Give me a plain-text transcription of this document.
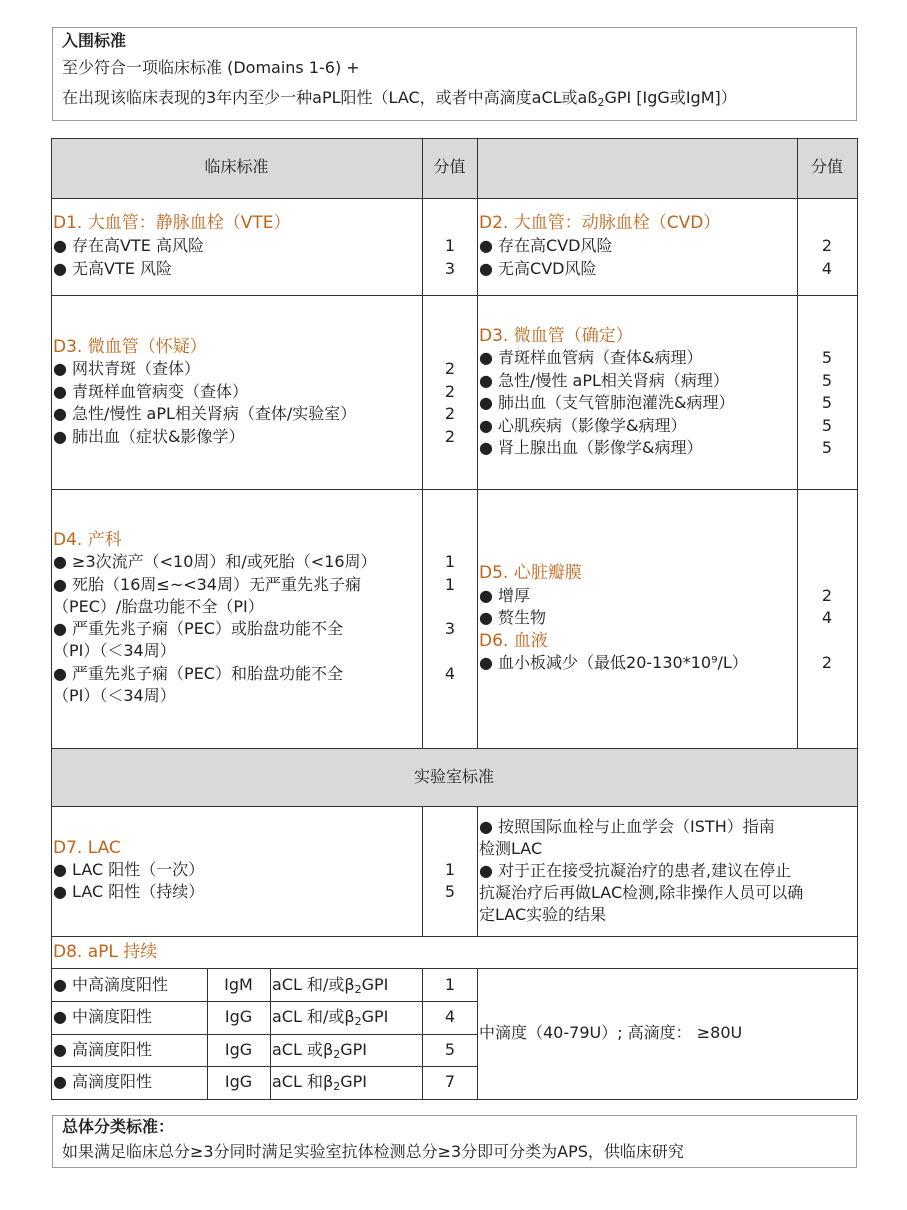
入围标准
至少符合一项临床标准 (Domains 1-6) +
在出现该临床表现的3年内至少一种aPL阳性（LAC，或者中高滴度aCL或$aß_2GPⅠ$ [IgG或IgM]）
临床标准	分值	分值
D1. 大血管：静脉血栓（VTE）
● 存在高VTE 高风险	1
● 无高VTE 风险	3
D2. 大血管：动脉血栓（CVD）
● 存在高CVD风险	2
● 无高CVD风险	4
D3. 微血管（怀疑）
● 网状青斑（查体）	2
● 青斑样血管病变（查体）	2
● 急性/慢性 aPL相关肾病（查体/实验室）	2
● 肺出血（症状&影像学）	2
D3. 微血管（确定）
● 青斑样血管病（查体&病理）	5
● 急性/慢性 aPL相关肾病（病理）	5
● 肺出血（支气管肺泡灌洗&病理）	5
● 心肌疾病（影像学&病理）	5
● 肾上腺出血（影像学&病理）	5
D4. 产科
● ≥3次流产（<10周）和/或死胎（<16周）	1
● 死胎（16周≤~<34周）无严重先兆子痫	1
（PEC）/胎盘功能不全（PI）
● 严重先兆子痫（PEC）或胎盘功能不全	3
（PI）（＜34周）
● 严重先兆子痫（PEC）和胎盘功能不全	4
（PI）（＜34周）
D5. 心脏瓣膜
● 增厚	2
● 赘生物	4
D6. 血液
● 血小板减少（最低20-130*10⁹/L）	2
实验室标准
D7. LAC
● LAC 阳性（一次）	1
● LAC 阳性（持续）	5
● 按照国际血栓与止血学会（ISTH）指南
检测LAC
● 对于正在接受抗凝治疗的患者,建议在停止
抗凝治疗后再做LAC检测,除非操作人员可以确
定LAC实验的结果
D8. aPL 持续
● 中高滴度阳性	IgM	aCL 和/或$\beta_2GPⅠ$	1
● 中滴度阳性	IgG	aCL 和/或$\beta_2GPⅠ$	4
● 高滴度阳性	IgG	aCL 或$\beta_2GPⅠ$	5
● 高滴度阳性	IgG	aCL 和$\beta_2GPⅠ$	7
中滴度（40-79U）; 高滴度： ≥80U
总体分类标准：
如果满足临床总分≥3分同时满足实验室抗体检测总分≥3分即可分类为APS，供临床研究
